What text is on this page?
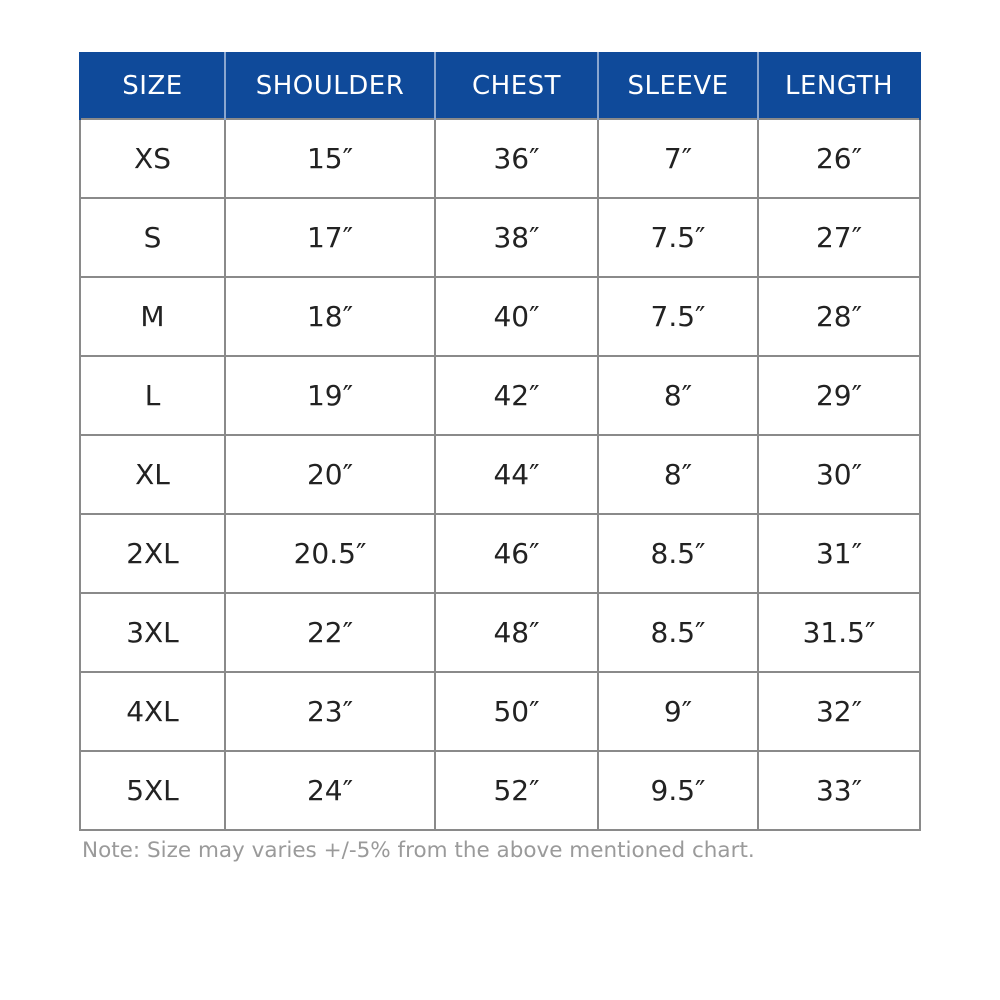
SIZE	SHOULDER	CHEST	SLEEVE	LENGTH
XS	15″	36″	7″	26″
S	17″	38″	7.5″	27″
M	18″	40″	7.5″	28″
L	19″	42″	8″	29″
XL	20″	44″	8″	30″
2XL	20.5″	46″	8.5″	31″
3XL	22″	48″	8.5″	31.5″
4XL	23″	50″	9″	32″
5XL	24″	52″	9.5″	33″

Note: Size may varies +/-5% from the above mentioned chart.
